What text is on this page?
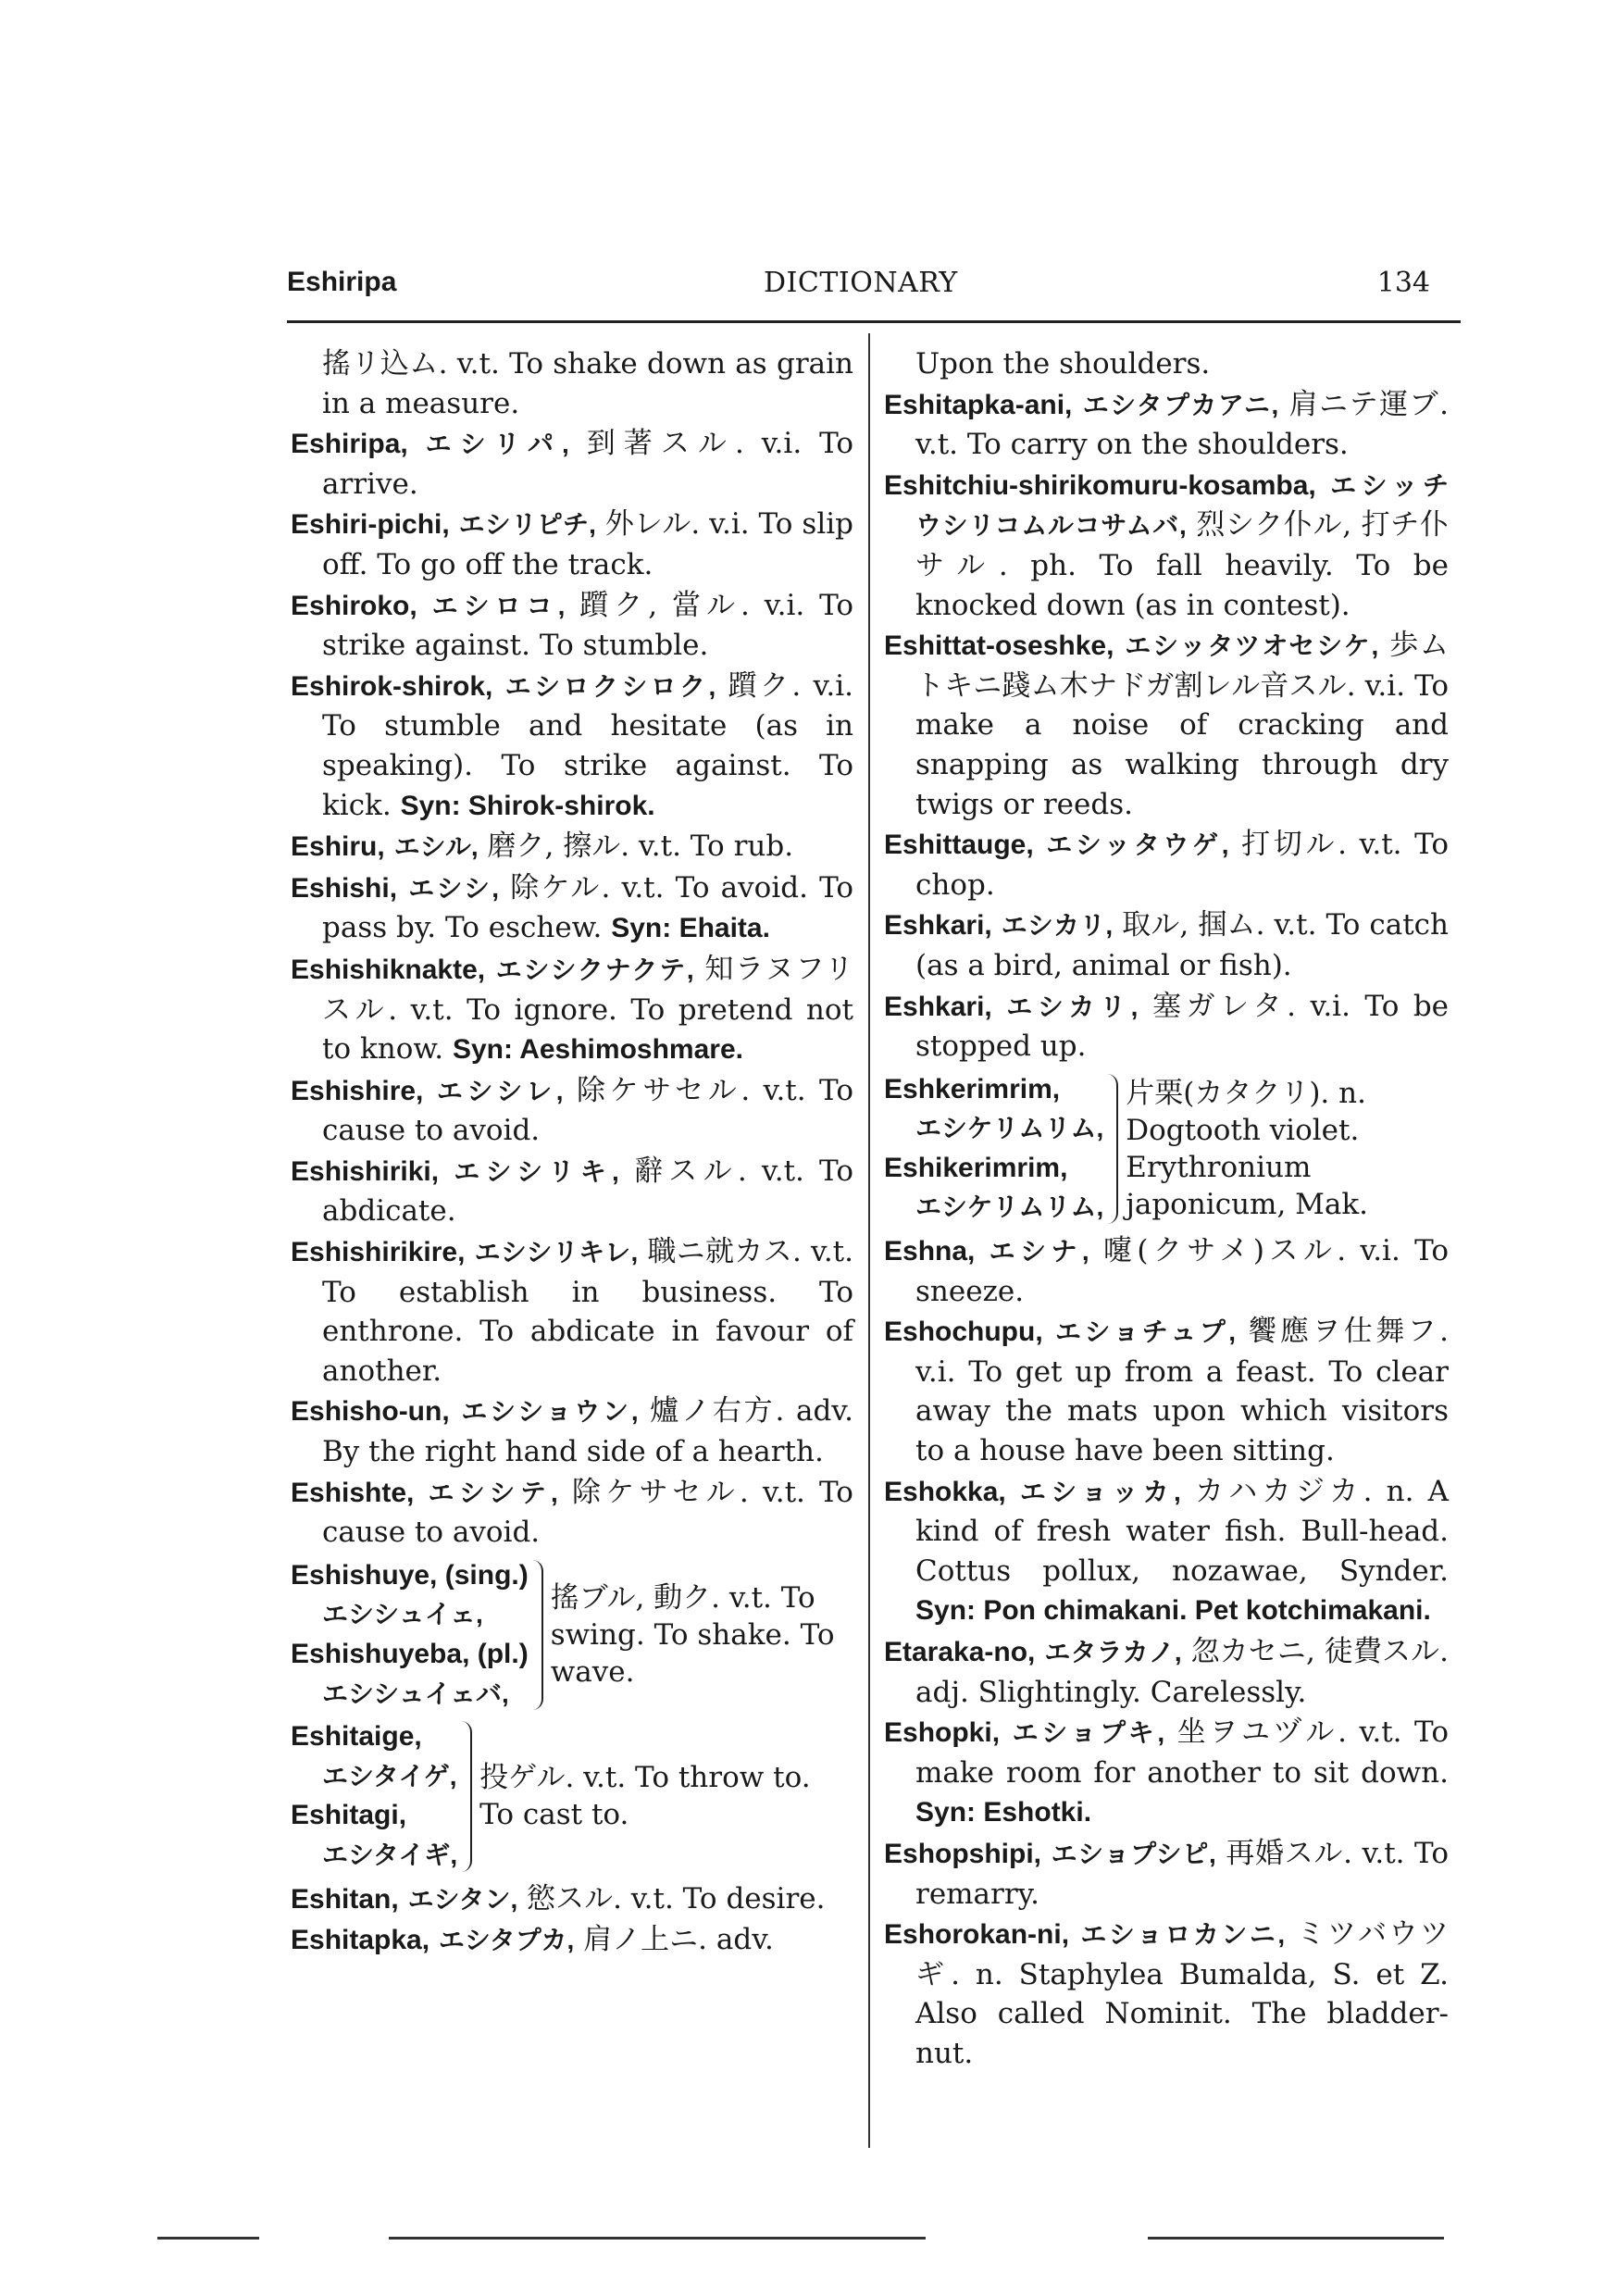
Eshiripa	DICTIONARY	134

搖リ込ム. v.t. To shake down as grain in a measure.

Eshiripa, エシリパ, 到著スル. v.i. To arrive.

Eshiri-pichi, エシリピチ, 外レル. v.i. To slip off. To go off the track.

Eshiroko, エシロコ, 躓ク, 當ル. v.i. To strike against. To stumble.

Eshirok-shirok, エシロクシロク, 躓ク. v.i. To stumble and hesitate (as in speaking). To strike against. To kick. Syn: Shirok-shirok.

Eshiru, エシル, 磨ク, 擦ル. v.t. To rub.

Eshishi, エシシ, 除ケル. v.t. To avoid. To pass by. To eschew. Syn: Ehaita.

Eshishiknakte, エシシクナクテ, 知ラヌフリスル. v.t. To ignore. To pretend not to know. Syn: Aeshimoshmare.

Eshishire, エシシレ, 除ケサセル. v.t. To cause to avoid.

Eshishiriki, エシシリキ, 辭スル. v.t. To abdicate.

Eshishirikire, エシシリキレ, 職ニ就カス. v.t. To establish in business. To enthrone. To abdicate in favour of another.

Eshisho-un, エシショウン, 爐ノ右方. adv. By the right hand side of a hearth.

Eshishte, エシシテ, 除ケサセル. v.t. To cause to avoid.

Eshishuye, (sing.)
エシシュイェ,
Eshishuyeba, (pl.)
エシシュイェバ,
搖ブル, 動ク. v.t. To swing. To shake. To wave.
Eshitaige,
エシタイゲ,
Eshitagi,
エシタイギ,
投ゲル. v.t. To throw to. To cast to.

Eshitan, エシタン, 慾スル. v.t. To desire.

Eshitapka, エシタプカ, 肩ノ上ニ. adv.

Upon the shoulders.

Eshitapka-ani, エシタプカアニ, 肩ニテ運ブ. v.t. To carry on the shoulders.

Eshitchiu-shirikomuru-kosamba, エシッチウシリコムルコサムバ, 烈シク仆ル, 打チ仆サル. ph. To fall heavily. To be knocked down (as in contest).

Eshittat-oseshke, エシッタツオセシケ, 歩ムトキニ踐ム木ナドガ割レル音スル. v.i. To make a noise of cracking and snapping as walking through dry twigs or reeds.

Eshittauge, エシッタウゲ, 打切ル. v.t. To chop.

Eshkari, エシカリ, 取ル, 掴ム. v.t. To catch (as a bird, animal or fish).

Eshkari, エシカリ, 塞ガレタ. v.i. To be stopped up.

Eshkerimrim,
エシケリムリム,
Eshikerimrim,
エシケリムリム,
片栗(カタクリ). n. Dogtooth violet. Erythronium japonicum, Mak.

Eshna, エシナ, 嚔(クサメ)スル. v.i. To sneeze.

Eshochupu, エショチュプ, 饗應ヲ仕舞フ. v.i. To get up from a feast. To clear away the mats upon which visitors to a house have been sitting.

Eshokka, エショッカ, カハカジカ. n. A kind of fresh water fish. Bull-head. Cottus pollux, nozawae, Synder. Syn: Pon chimakani. Pet kotchimakani.

Etaraka-no, エタラカノ, 忽カセニ, 徒費スル. adj. Slightingly. Carelessly.

Eshopki, エショプキ, 坐ヲユヅル. v.t. To make room for another to sit down. Syn: Eshotki.

Eshopshipi, エショプシピ, 再婚スル. v.t. To remarry.

Eshorokan-ni, エショロカンニ, ミツバウツギ. n. Staphylea Bumalda, S. et Z. Also called Nominit. The bladder-nut.
